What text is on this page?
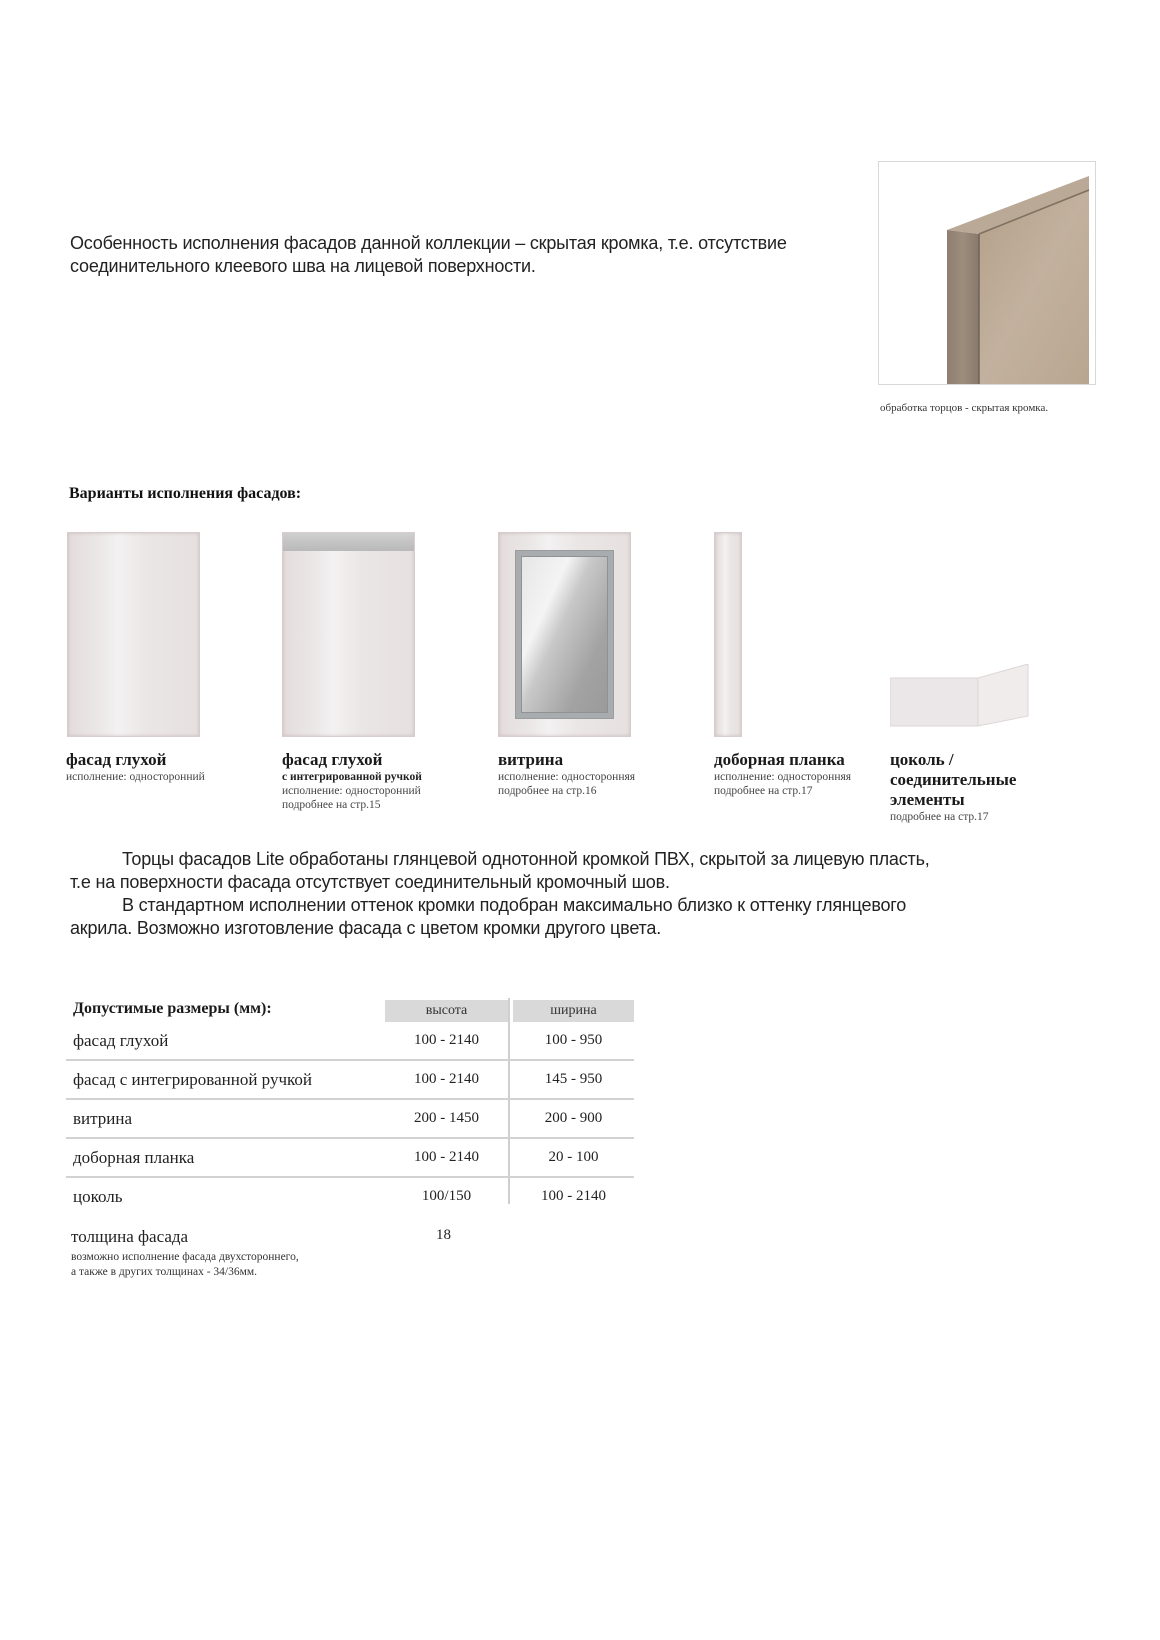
Особенность исполнения фасадов данной коллекции – скрытая кромка, т.е. отсутствие соединительного клеевого шва на лицевой поверхности.
обработка торцов - скрытая кромка.
Варианты исполнения фасадов:
фасад глухой
исполнение: односторонний
фасад глухой
с интегрированной ручкой
исполнение: односторонний
подробнее на стр.15
витрина
исполнение: односторонняя
подробнее на стр.16
доборная планка
исполнение: односторонняя
подробнее на стр.17
цоколь / соединительные элементы
подробнее на стр.17

Торцы фасадов Lite обработаны глянцевой однотонной кромкой ПВХ, скрытой за лицевую пласть, т.е на поверхности фасада отсутствует соединительный кромочный шов.

В стандартном исполнении оттенок кромки подобран максимально близко к оттенку глянцевого акрила. Возможно изготовление фасада с цветом кромки другого цвета.

Допустимые размеры (мм):	высота	ширина
фасад глухой	100 - 2140	100 - 950
фасад с интегрированной ручкой	100 - 2140	145 - 950
витрина	200 - 1450	200 - 900
доборная планка	100 - 2140	20 - 100
цоколь	100/150	100 - 2140
толщина фасада	18
возможно исполнение фасада двухстороннего,
а также в других толщинах - 34/36мм.
